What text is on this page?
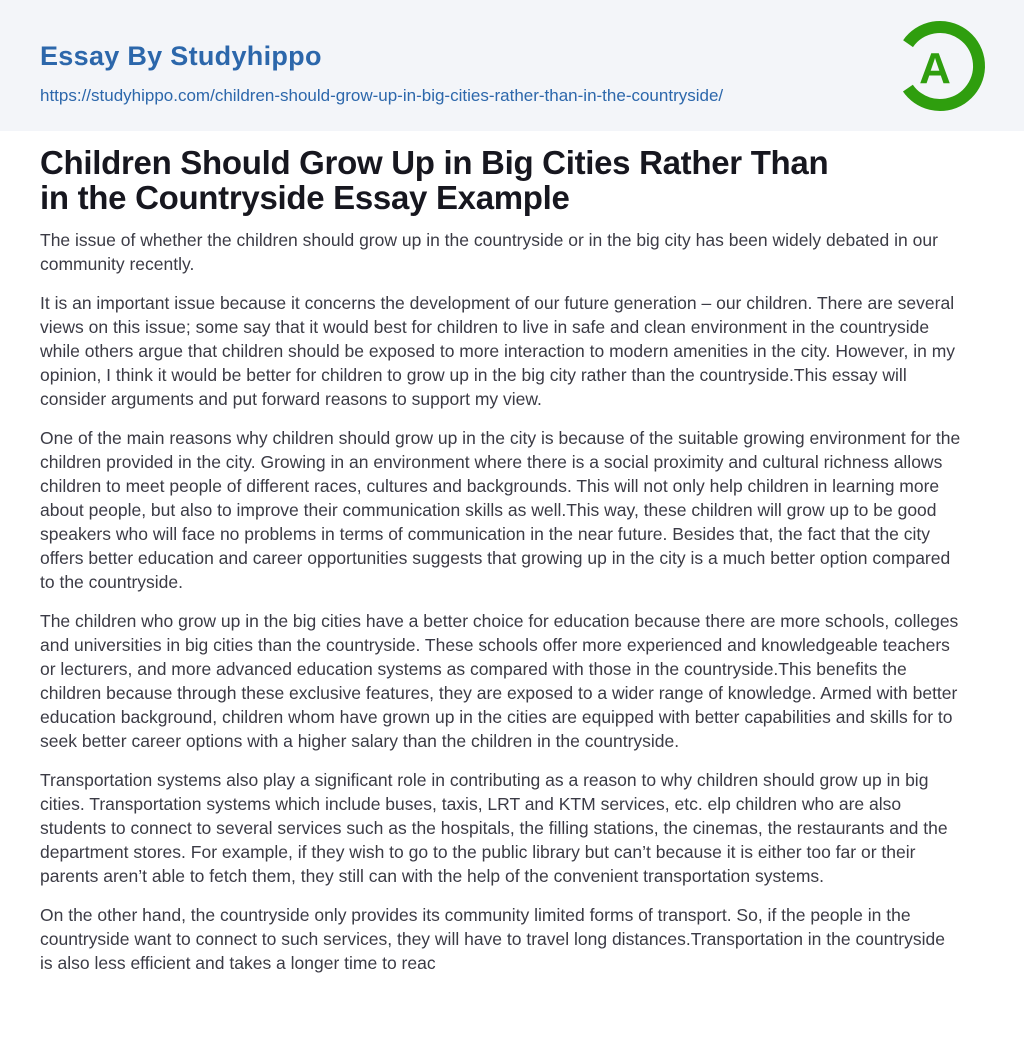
Essay By Studyhippo
https://studyhippo.com/children-should-grow-up-in-big-cities-rather-than-in-the-countryside/
A
Children Should Grow Up in Big Cities Rather Than in the Countryside Essay Example

The issue of whether the children should grow up in the countryside or in the big city has been widely debated in our community recently.

It is an important issue because it concerns the development of our future generation – our children. There are several views on this issue; some say that it would best for children to live in safe and clean environment in the countryside while others argue that children should be exposed to more interaction to modern amenities in the city. However, in my opinion, I think it would be better for children to grow up in the big city rather than the countryside.This essay will consider arguments and put forward reasons to support my view.

One of the main reasons why children should grow up in the city is because of the suitable growing environment for the children provided in the city. Growing in an environment where there is a social proximity and cultural richness allows children to meet people of different races, cultures and backgrounds. This will not only help children in learning more about people, but also to improve their communication skills as well.This way, these children will grow up to be good speakers who will face no problems in terms of communication in the near future. Besides that, the fact that the city offers better education and career opportunities suggests that growing up in the city is a much better option compared to the countryside.

The children who grow up in the big cities have a better choice for education because there are more schools, colleges and universities in big cities than the countryside. These schools offer more experienced and knowledgeable teachers or lecturers, and more advanced education systems as compared with those in the countryside.This benefits the children because through these exclusive features, they are exposed to a wider range of knowledge. Armed with better education background, children whom have grown up in the cities are equipped with better capabilities and skills for to seek better career options with a higher salary than the children in the countryside.

Transportation systems also play a significant role in contributing as a reason to why children should grow up in big cities. Transportation systems which include buses, taxis, LRT and KTM services, etc. elp children who are also students to connect to several services such as the hospitals, the filling stations, the cinemas, the restaurants and the department stores. For example, if they wish to go to the public library but can’t because it is either too far or their parents aren’t able to fetch them, they still can with the help of the convenient transportation systems.

On the other hand, the countryside only provides its community limited forms of transport. So, if the people in the countryside want to connect to such services, they will have to travel long distances.Transportation in the countryside is also less efficient and takes a longer time to reac
